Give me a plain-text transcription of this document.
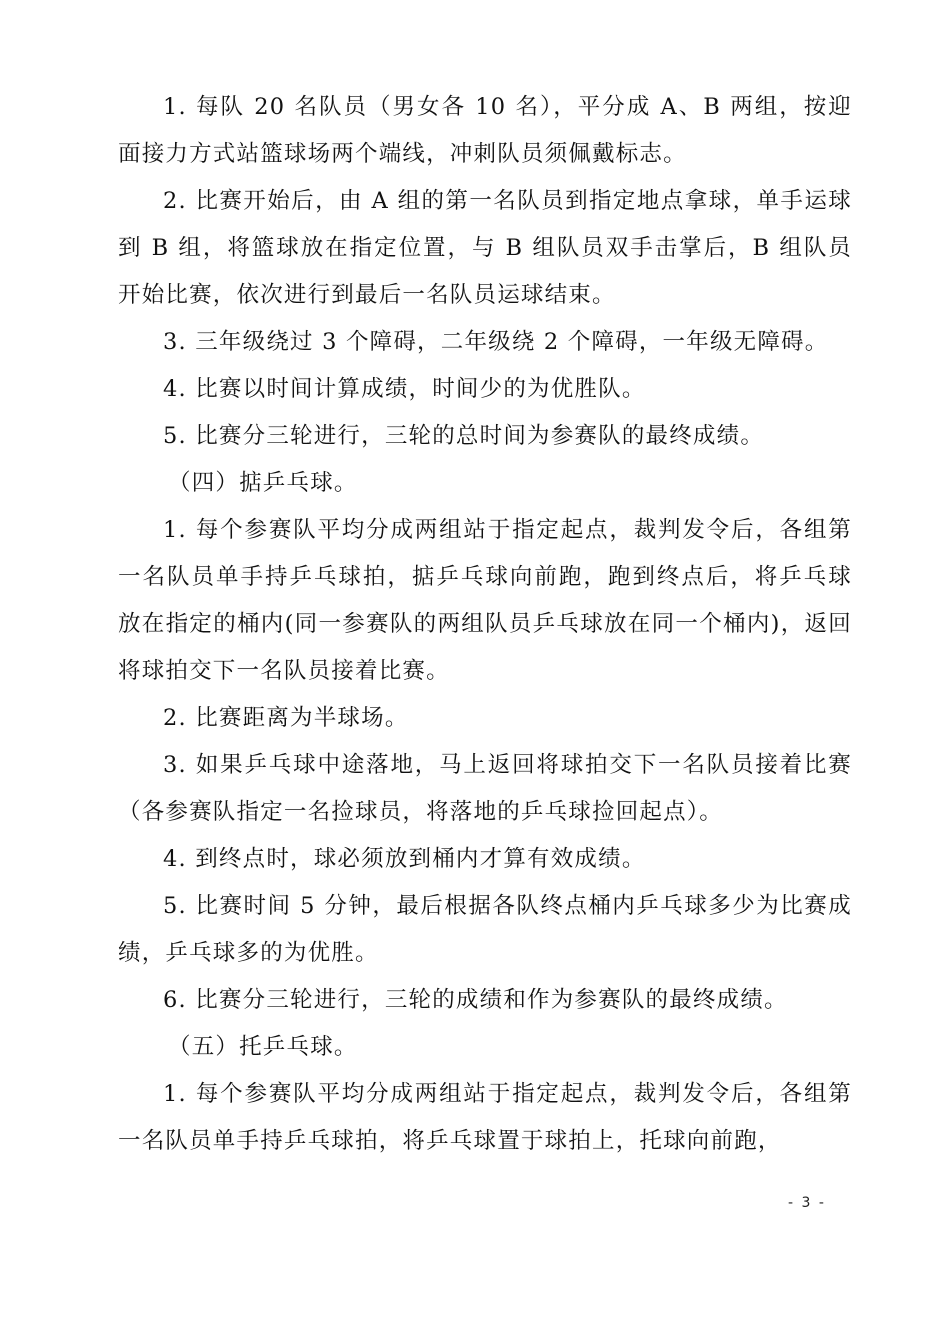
1. 每队 20 名队员（男女各 10 名），平分成 A、B 两组，按迎面接力方式站篮球场两个端线，冲刺队员须佩戴标志。

2. 比赛开始后，由 A 组的第一名队员到指定地点拿球，单手运球到 B 组，将篮球放在指定位置，与 B 组队员双手击掌后，B 组队员开始比赛，依次进行到最后一名队员运球结束。

3. 三年级绕过 3 个障碍，二年级绕 2 个障碍，一年级无障碍。

4. 比赛以时间计算成绩，时间少的为优胜队。

5. 比赛分三轮进行，三轮的总时间为参赛队的最终成绩。

（四）掂乒乓球。

1. 每个参赛队平均分成两组站于指定起点，裁判发令后，各组第一名队员单手持乒乓球拍，掂乒乓球向前跑，跑到终点后，将乒乓球放在指定的桶内(同一参赛队的两组队员乒乓球放在同一个桶内)，返回将球拍交下一名队员接着比赛。

2. 比赛距离为半球场。

3. 如果乒乓球中途落地，马上返回将球拍交下一名队员接着比赛（各参赛队指定一名捡球员，将落地的乒乓球捡回起点）。

4. 到终点时，球必须放到桶内才算有效成绩。

5. 比赛时间 5 分钟，最后根据各队终点桶内乒乓球多少为比赛成绩，乒乓球多的为优胜。

6. 比赛分三轮进行，三轮的成绩和作为参赛队的最终成绩。

（五）托乒乓球。

1. 每个参赛队平均分成两组站于指定起点，裁判发令后，各组第一名队员单手持乒乓球拍，将乒乓球置于球拍上，托球向前跑，

- 3 -
